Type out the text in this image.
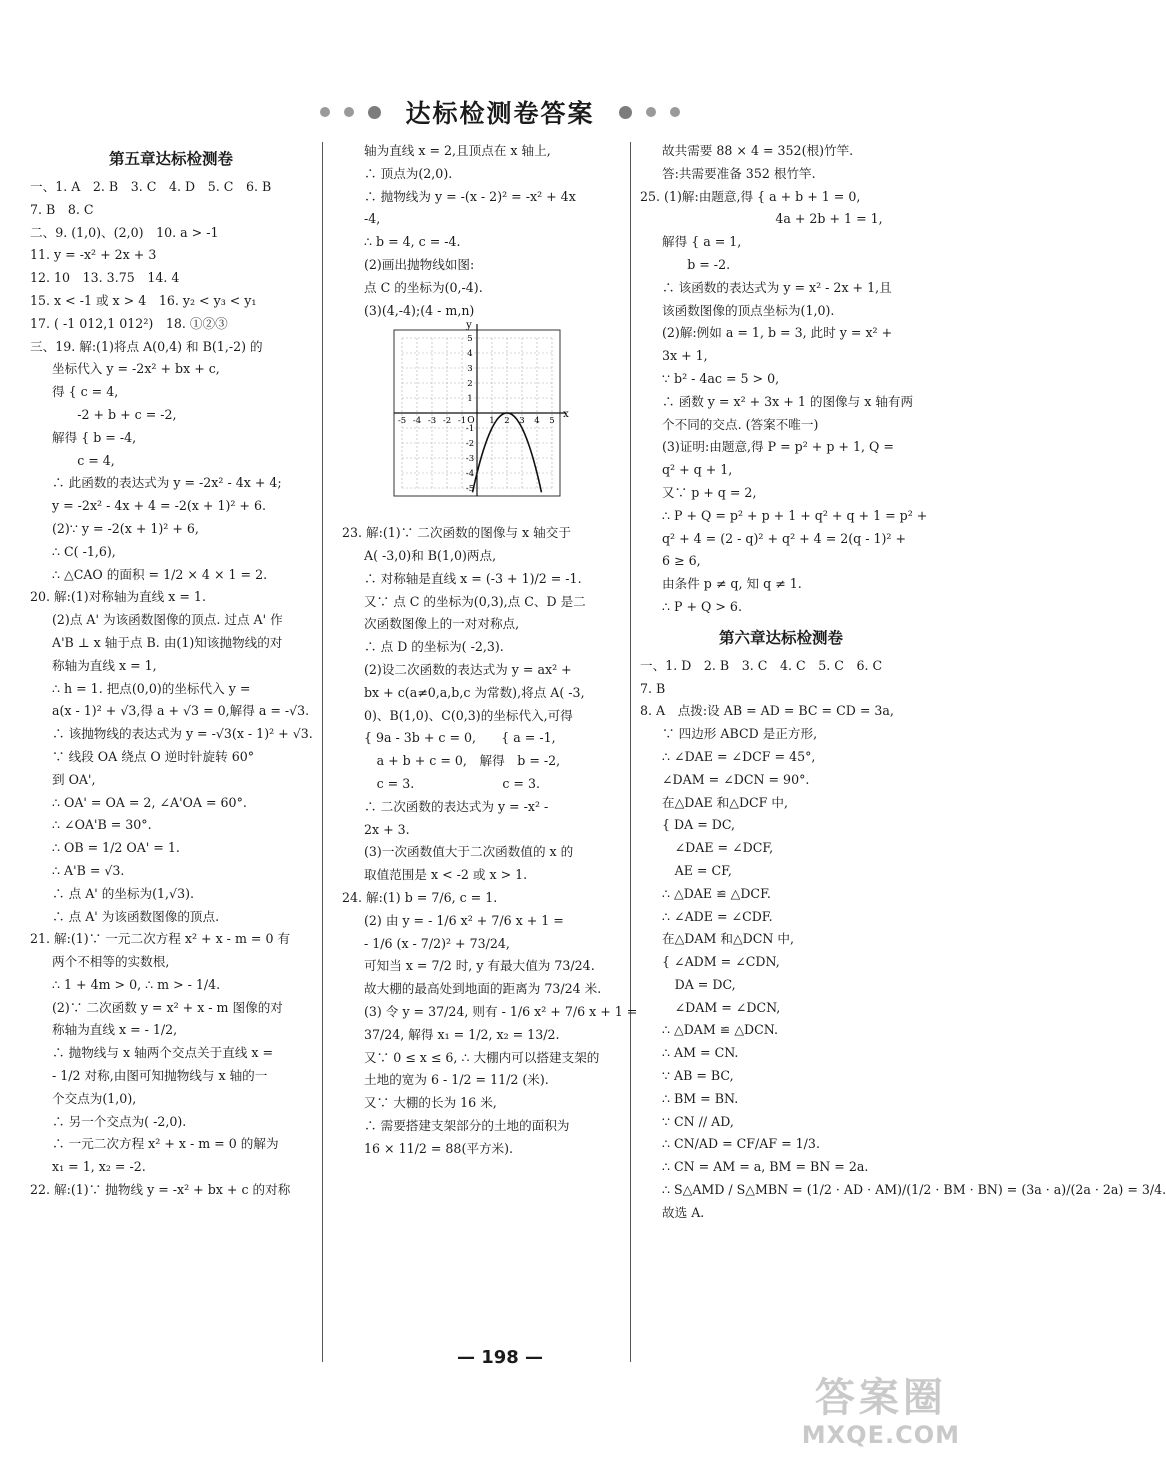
达标检测卷答案
第五章达标检测卷
一、1. A　2. B　3. C　4. D　5. C　6. B
7. B　8. C
二、9. (1,0)、(2,0)　10. a > -1
11. y = -x² + 2x + 3
12. 10　13. 3.75　14. 4
15. x < -1 或 x > 4　16. y₂ < y₃ < y₁
17. ( -1 012,1 012²)　18. ①②③
三、19. 解:(1)将点 A(0,4) 和 B(1,-2) 的
坐标代入 y = -2x² + bx + c,
得 { c = 4,
　　-2 + b + c = -2,
解得 { b = -4,
　　c = 4,
∴ 此函数的表达式为 y = -2x² - 4x + 4;
y = -2x² - 4x + 4 = -2(x + 1)² + 6.
(2)∵ y = -2(x + 1)² + 6,
∴ C( -1,6),
∴ △CAO 的面积 = 1/2 × 4 × 1 = 2.
20. 解:(1)对称轴为直线 x = 1.
(2)点 A' 为该函数图像的顶点. 过点 A' 作
A'B ⊥ x 轴于点 B. 由(1)知该抛物线的对
称轴为直线 x = 1,
∴ h = 1. 把点(0,0)的坐标代入 y =
a(x - 1)² + √3,得 a + √3 = 0,解得 a = -√3.
∴ 该抛物线的表达式为 y = -√3(x - 1)² + √3.
∵ 线段 OA 绕点 O 逆时针旋转 60°
到 OA',
∴ OA' = OA = 2, ∠A'OA = 60°.
∴ ∠OA'B = 30°.
∴ OB = 1/2 OA' = 1.
∴ A'B = √3.
∴ 点 A' 的坐标为(1,√3).
∴ 点 A' 为该函数图像的顶点.
21. 解:(1)∵ 一元二次方程 x² + x - m = 0 有
两个不相等的实数根,
∴ 1 + 4m > 0, ∴ m > - 1/4.
(2)∵ 二次函数 y = x² + x - m 图像的对
称轴为直线 x = - 1/2,
∴ 抛物线与 x 轴两个交点关于直线 x =
- 1/2 对称,由图可知抛物线与 x 轴的一
个交点为(1,0),
∴ 另一个交点为( -2,0).
∴ 一元二次方程 x² + x - m = 0 的解为
x₁ = 1, x₂ = -2.
22. 解:(1)∵ 抛物线 y = -x² + bx + c 的对称
轴为直线 x = 2,且顶点在 x 轴上,
∴ 顶点为(2,0).
∴ 抛物线为 y = -(x - 2)² = -x² + 4x
-4,
∴ b = 4, c = -4.
(2)画出抛物线如图:
点 C 的坐标为(0,-4).
(3)(4,-4);(4 - m,n)
-5 -4 -3 -2 -1	1 2 3 4 5
5
4
3
2
1
-1
-2
-3
-4
-5
O
x
y
23. 解:(1)∵ 二次函数的图像与 x 轴交于
A( -3,0)和 B(1,0)两点,
∴ 对称轴是直线 x = (-3 + 1)/2 = -1.
又∵ 点 C 的坐标为(0,3),点 C、D 是二
次函数图像上的一对对称点,
∴ 点 D 的坐标为( -2,3).
(2)设二次函数的表达式为 y = ax² +
bx + c(a≠0,a,b,c 为常数),将点 A( -3,
0)、B(1,0)、C(0,3)的坐标代入,可得
{ 9a - 3b + c = 0,　　{ a = -1,
　a + b + c = 0,　解得　b = -2,
　c = 3.　　　　　　　c = 3.
∴ 二次函数的表达式为 y = -x² -
2x + 3.
(3)一次函数值大于二次函数值的 x 的
取值范围是 x < -2 或 x > 1.
24. 解:(1) b = 7/6, c = 1.
(2) 由 y = - 1/6 x² + 7/6 x + 1 =
- 1/6 (x - 7/2)² + 73/24,
可知当 x = 7/2 时, y 有最大值为 73/24.
故大棚的最高处到地面的距离为 73/24 米.
(3) 令 y = 37/24, 则有 - 1/6 x² + 7/6 x + 1 =
37/24, 解得 x₁ = 1/2, x₂ = 13/2.
又∵ 0 ≤ x ≤ 6, ∴ 大棚内可以搭建支架的
土地的宽为 6 - 1/2 = 11/2 (米).
又∵ 大棚的长为 16 米,
∴ 需要搭建支架部分的土地的面积为
16 × 11/2 = 88(平方米).
故共需要 88 × 4 = 352(根)竹竿.
答:共需要准备 352 根竹竿.
25. (1)解:由题意,得 { a + b + 1 = 0,
　　　　　　　　　4a + 2b + 1 = 1,
解得 { a = 1,
　　b = -2.
∴ 该函数的表达式为 y = x² - 2x + 1,且
该函数图像的顶点坐标为(1,0).
(2)解:例如 a = 1, b = 3, 此时 y = x² +
3x + 1,
∵ b² - 4ac = 5 > 0,
∴ 函数 y = x² + 3x + 1 的图像与 x 轴有两
个不同的交点. (答案不唯一)
(3)证明:由题意,得 P = p² + p + 1, Q =
q² + q + 1,
又∵ p + q = 2,
∴ P + Q = p² + p + 1 + q² + q + 1 = p² +
q² + 4 = (2 - q)² + q² + 4 = 2(q - 1)² +
6 ≥ 6,
由条件 p ≠ q, 知 q ≠ 1.
∴ P + Q > 6.
第六章达标检测卷
一、1. D　2. B　3. C　4. C　5. C　6. C
7. B
8. A　点拨:设 AB = AD = BC = CD = 3a,
∵ 四边形 ABCD 是正方形,
∴ ∠DAE = ∠DCF = 45°,
∠DAM = ∠DCN = 90°.
在△DAE 和△DCF 中,
{ DA = DC,
　∠DAE = ∠DCF,
　AE = CF,
∴ △DAE ≌ △DCF.
∴ ∠ADE = ∠CDF.
在△DAM 和△DCN 中,
{ ∠ADM = ∠CDN,
　DA = DC,
　∠DAM = ∠DCN,
∴ △DAM ≌ △DCN.
∴ AM = CN.
∵ AB = BC,
∴ BM = BN.
∵ CN // AD,
∴ CN/AD = CF/AF = 1/3.
∴ CN = AM = a, BM = BN = 2a.
∴ S△AMD / S△MBN = (1/2 · AD · AM)/(1/2 · BM · BN) = (3a · a)/(2a · 2a) = 3/4.
故选 A.
— 198 —
答案圈
MXQE.COM
